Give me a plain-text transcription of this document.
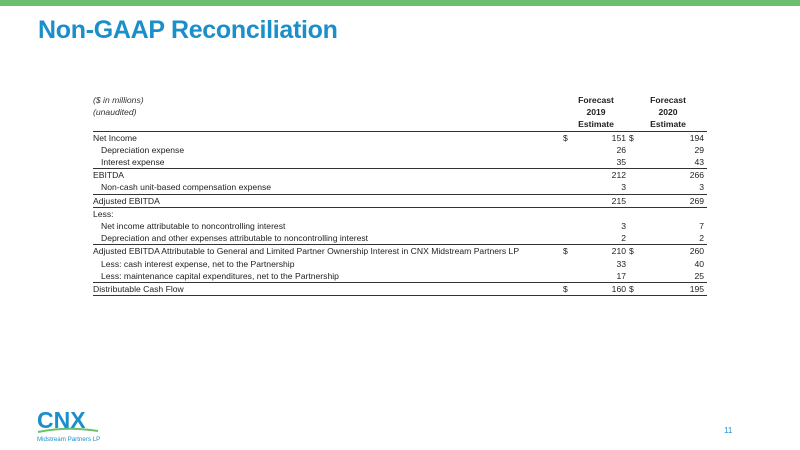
Non-GAAP Reconciliation
($ in millions)	Forecast		Forecast	
(unaudited)	2019		2020	
	Estimate		Estimate	
Net Income	$	151	$	194
Depreciation expense		26		29
Interest expense		35		43
EBITDA		212		266
Non-cash unit-based compensation expense		3		3
Adjusted EBITDA		215		269
Less:				
Net income attributable to noncontrolling interest		3		7
Depreciation and other expenses attributable to noncontrolling interest		2		2
Adjusted EBITDA Attributable to General and Limited Partner Ownership Interest in CNX Midstream Partners LP	$	210	$	260
Less: cash interest expense, net to the Partnership		33		40
Less: maintenance capital expenditures, net to the Partnership		17		25
Distributable Cash Flow	$	160	$	195
CNX
Midstream Partners LP
11
